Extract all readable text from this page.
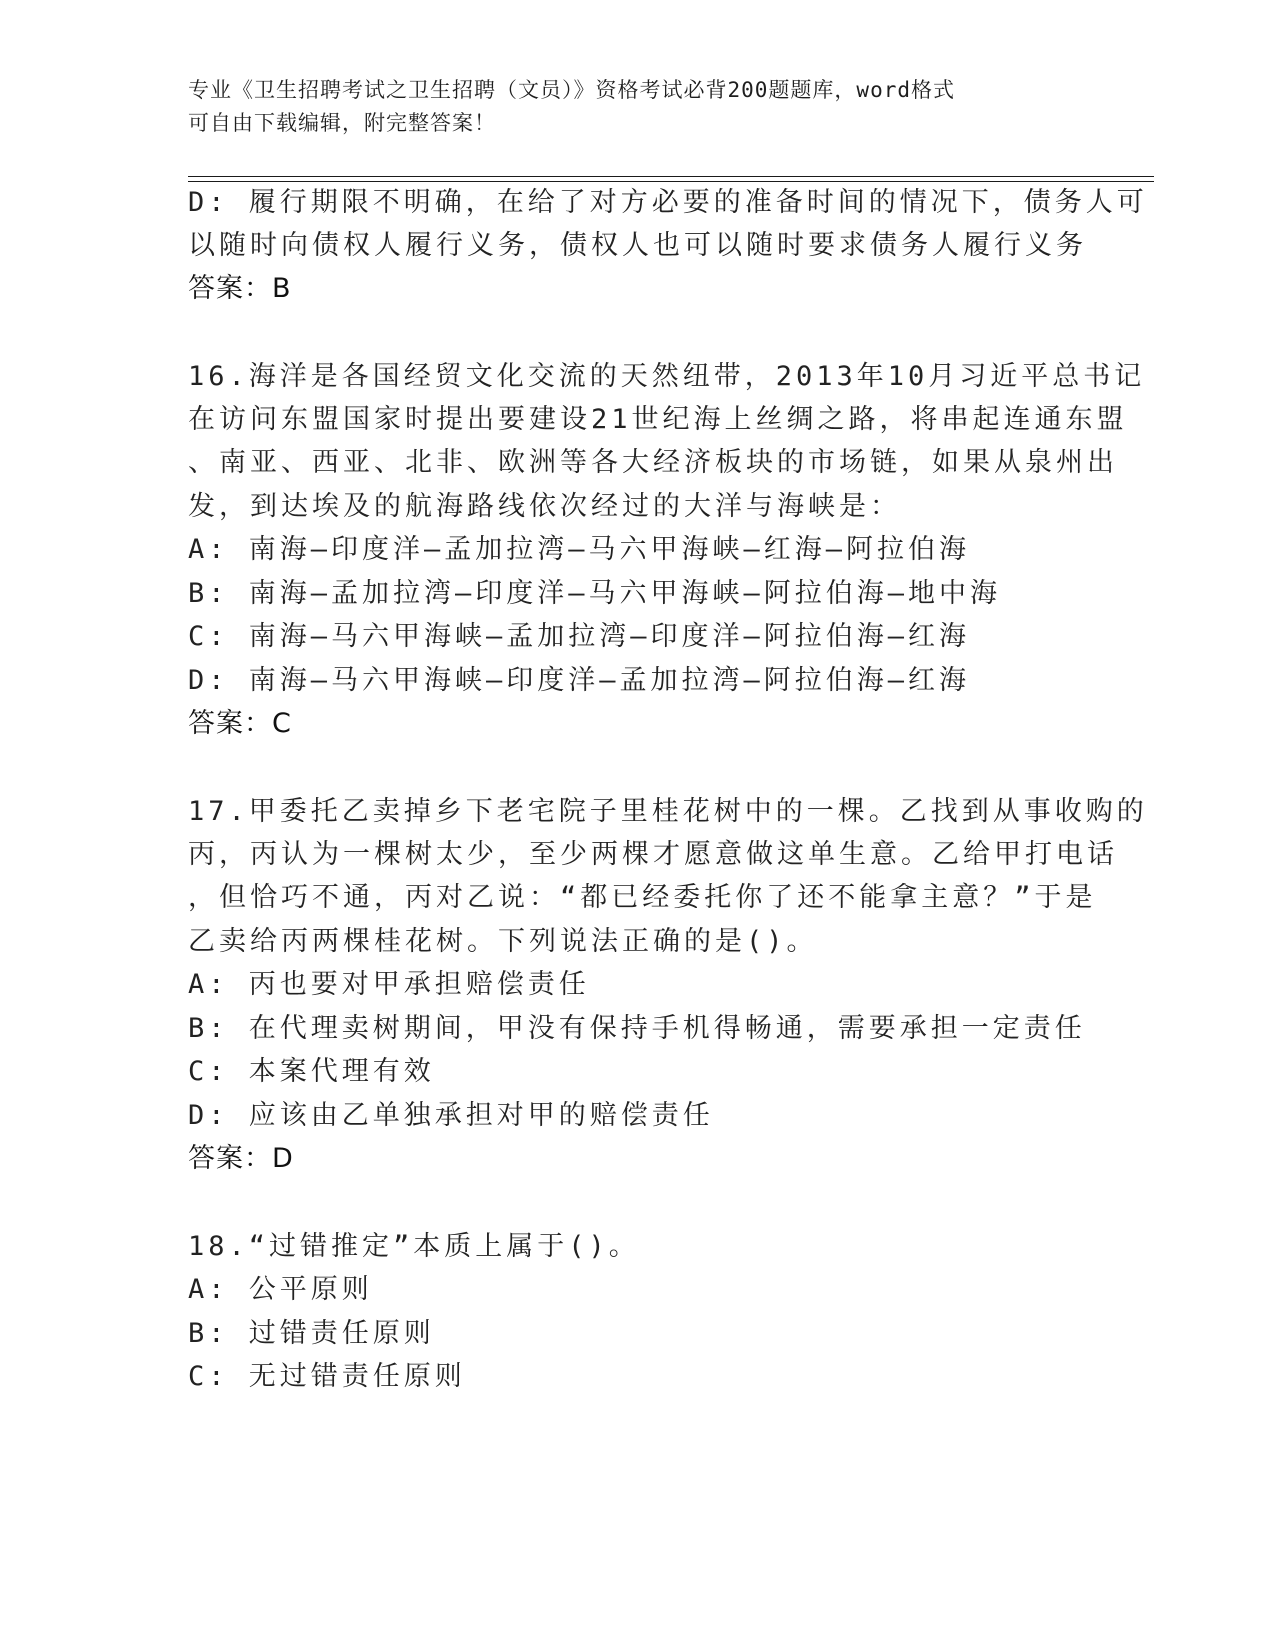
专业《卫生招聘考试之卫生招聘（文员）》资格考试必背200题题库，word格式
可自由下载编辑，附完整答案！
D: 履行期限不明确，在给了对方必要的准备时间的情况下，债务人可
以随时向债权人履行义务，债权人也可以随时要求债务人履行义务
答案：B
16.海洋是各国经贸文化交流的天然纽带，2013年10月习近平总书记
在访问东盟国家时提出要建设21世纪海上丝绸之路，将串起连通东盟
、南亚、西亚、北非、欧洲等各大经济板块的市场链，如果从泉州出
发，到达埃及的航海路线依次经过的大洋与海峡是：
A: 南海—印度洋—孟加拉湾—马六甲海峡—红海—阿拉伯海
B: 南海—孟加拉湾—印度洋—马六甲海峡—阿拉伯海—地中海
C: 南海—马六甲海峡—孟加拉湾—印度洋—阿拉伯海—红海
D: 南海—马六甲海峡—印度洋—孟加拉湾—阿拉伯海—红海
答案：C
17.甲委托乙卖掉乡下老宅院子里桂花树中的一棵。乙找到从事收购的
丙，丙认为一棵树太少，至少两棵才愿意做这单生意。乙给甲打电话
，但恰巧不通，丙对乙说：“都已经委托你了还不能拿主意？”于是
乙卖给丙两棵桂花树。下列说法正确的是()。
A: 丙也要对甲承担赔偿责任
B: 在代理卖树期间，甲没有保持手机得畅通，需要承担一定责任
C: 本案代理有效
D: 应该由乙单独承担对甲的赔偿责任
答案：D
18.“过错推定”本质上属于()。
A: 公平原则
B: 过错责任原则
C: 无过错责任原则
